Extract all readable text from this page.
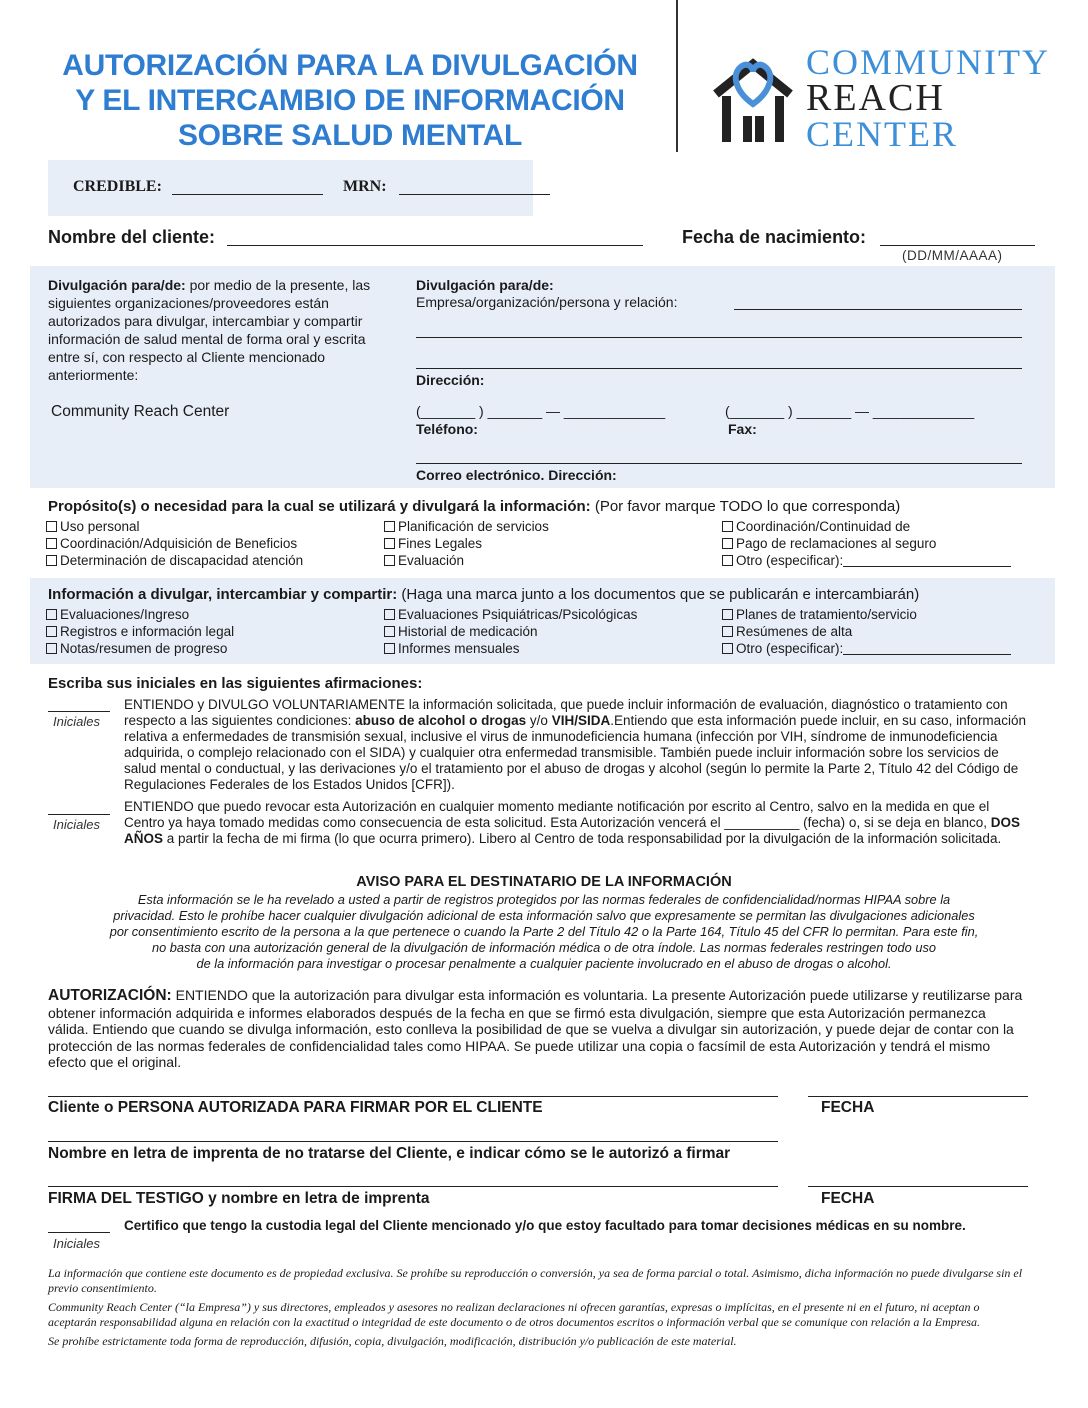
AUTORIZACIÓN PARA LA DIVULGACIÓN
Y EL INTERCAMBIO DE INFORMACIÓN
SOBRE SALUD MENTAL
COMMUNITY
REACH
CENTER
CREDIBLE:	MRN:
Nombre del cliente:	Fecha de nacimiento:
(DD/MM/AAAA)
Divulgación para/de: por medio de la presente, las siguientes organizaciones/proveedores están autorizados para divulgar, intercambiar y compartir información de salud mental de forma oral y escrita entre sí, con respecto al Cliente mencionado anteriormente:
Community Reach Center
Divulgación para/de:
Empresa/organización/persona y relación:
Dirección:
(_______ ) _______ — _____________
Teléfono:
(_______ ) _______ — _____________
Fax:
Correo electrónico. Dirección:
Propósito(s) o necesidad para la cual se utilizará y divulgará la información: (Por favor marque TODO lo que corresponda)
Uso personal
Coordinación/Adquisición de Beneficios
Determinación de discapacidad atención
Planificación de servicios
Fines Legales
Evaluación
Coordinación/Continuidad de
Pago de reclamaciones al seguro
Otro (especificar):
Información a divulgar, intercambiar y compartir: (Haga una marca junto a los documentos que se publicarán e intercambiarán)
Evaluaciones/Ingreso
Registros e información legal
Notas/resumen de progreso
Evaluaciones Psiquiátricas/Psicológicas
Historial de medicación
Informes mensuales
Planes de tratamiento/servicio
Resúmenes de alta
Otro (especificar):
Escriba sus iniciales en las siguientes afirmaciones:
Iniciales
ENTIENDO y DIVULGO VOLUNTARIAMENTE la información solicitada, que puede incluir información de evaluación, diagnóstico o tratamiento con respecto a las siguientes condiciones: abuso de alcohol o drogas y/o VIH/SIDA.Entiendo que esta información puede incluir, en su caso, información relativa a enfermedades de transmisión sexual, inclusive el virus de inmunodeficiencia humana (infección por VIH, síndrome de inmunodeficiencia adquirida, o complejo relacionado con el SIDA) y cualquier otra enfermedad transmisible. También puede incluir información sobre los servicios de salud mental o conductual, y las derivaciones y/o el tratamiento por el abuso de drogas y alcohol (según lo permite la Parte 2, Título 42 del Código de Regulaciones Federales de los Estados Unidos [CFR]).
Iniciales
ENTIENDO que puedo revocar esta Autorización en cualquier momento mediante notificación por escrito al Centro, salvo en la medida en que el Centro ya haya tomado medidas como consecuencia de esta solicitud. Esta Autorización vencerá el __________ (fecha) o, si se deja en blanco, DOS AÑOS a partir la fecha de mi firma (lo que ocurra primero). Libero al Centro de toda responsabilidad por la divulgación de la información solicitada.
AVISO PARA EL DESTINATARIO DE LA INFORMACIÓN
Esta información se le ha revelado a usted a partir de registros protegidos por las normas federales de confidencialidad/normas HIPAA sobre la
privacidad. Esto le prohíbe hacer cualquier divulgación adicional de esta información salvo que expresamente se permitan las divulgaciones adicionales
por consentimiento escrito de la persona a la que pertenece o cuando la Parte 2 del Título 42 o la Parte 164, Título 45 del CFR lo permitan. Para este fin,
no basta con una autorización general de la divulgación de información médica o de otra índole. Las normas federales restringen todo uso
de la información para investigar o procesar penalmente a cualquier paciente involucrado en el abuso de drogas o alcohol.
AUTORIZACIÓN: ENTIENDO que la autorización para divulgar esta información es voluntaria. La presente Autorización puede utilizarse y reutilizarse para obtener información adquirida e informes elaborados después de la fecha en que se firmó esta divulgación, siempre que esta Autorización permanezca válida. Entiendo que cuando se divulga información, esto conlleva la posibilidad de que se vuelva a divulgar sin autorización, y puede dejar de contar con la protección de las normas federales de confidencialidad tales como HIPAA. Se puede utilizar una copia o facsímil de esta Autorización y tendrá el mismo efecto que el original.
Cliente o PERSONA AUTORIZADA PARA FIRMAR POR EL CLIENTE	FECHA
Nombre en letra de imprenta de no tratarse del Cliente, e indicar cómo se le autorizó a firmar
FIRMA DEL TESTIGO y nombre en letra de imprenta	FECHA
Iniciales
Certifico que tengo la custodia legal del Cliente mencionado y/o que estoy facultado para tomar decisiones médicas en su nombre.
La información que contiene este documento es de propiedad exclusiva. Se prohíbe su reproducción o conversión, ya sea de forma parcial o total. Asimismo, dicha información no puede divulgarse sin el previo consentimiento.
Community Reach Center (“la Empresa”) y sus directores, empleados y asesores no realizan declaraciones ni ofrecen garantías, expresas o implícitas, en el presente ni en el futuro, ni aceptan o aceptarán responsabilidad alguna en relación con la exactitud o integridad de este documento o de otros documentos escritos o información verbal que se comunique con relación a la Empresa.
Se prohíbe estrictamente toda forma de reproducción, difusión, copia, divulgación, modificación, distribución y/o publicación de este material.
